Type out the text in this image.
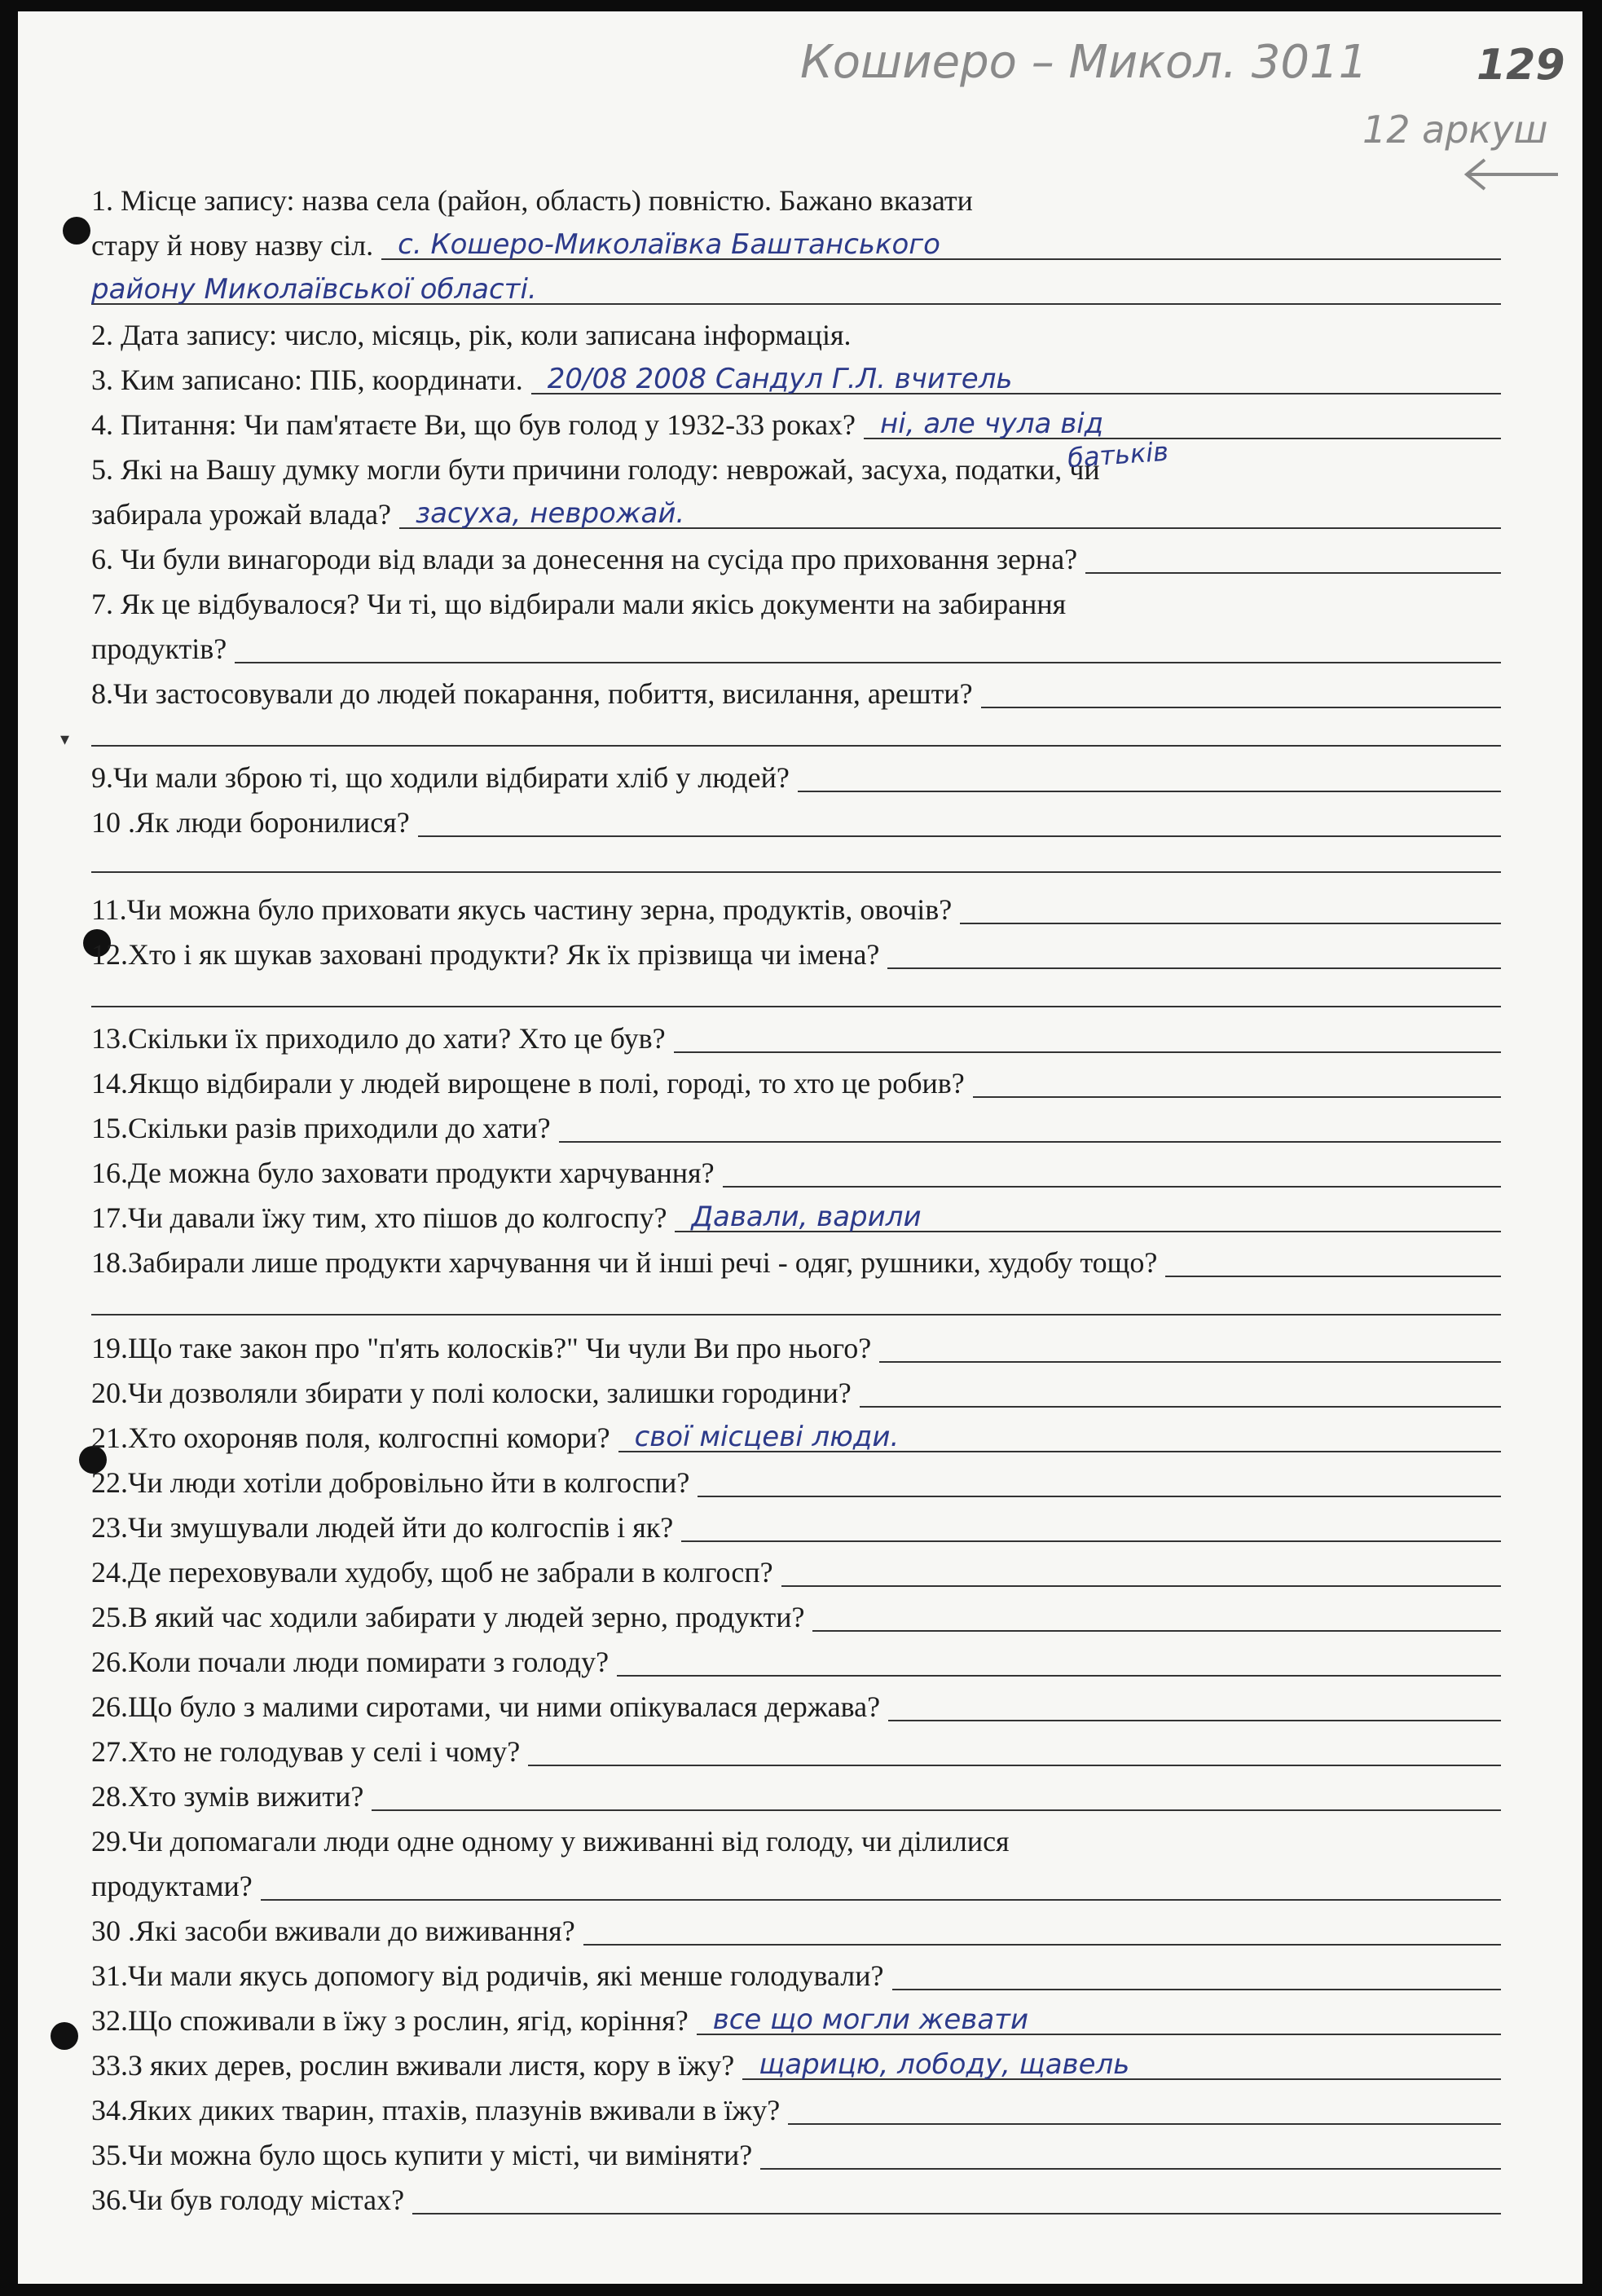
Кошиеро – Микол. 3011	129
12 аркуш
▾
1. Місце запису: назва села (район, область) повністю. Бажано вказати
стару й нову назву сіл. с. Кошеро-Миколаївка Баштанського
району Миколаївської області.
2. Дата запису: число, місяць, рік, коли записана інформація.
3. Ким записано: ПІБ, координати. 20/08 2008 Сандул Г.Л. вчитель
4. Питання: Чи пам'ятаєте Ви, що був голод у 1932-33 роках? ні, але чула від
5. Які на Вашу думку могли бути причини голоду: неврожай, засуха, податки, чи
батьків
забирала урожай влада? засуха, неврожай.
6. Чи були винагороди від влади за донесення на сусіда про приховання зерна?
7. Як це відбувалося? Чи ті, що відбирали мали якісь документи на забирання
продуктів?
8.Чи застосовували до людей покарання, побиття, висилання, арешти?
9.Чи мали зброю ті, що ходили відбирати хліб у людей?
10 .Як люди боронилися?
11.Чи можна було приховати якусь частину зерна, продуктів, овочів?
12.Хто і як шукав заховані продукти? Як їх прізвища чи імена?
13.Скільки їх приходило до хати? Хто це був?
14.Якщо відбирали у людей вирощене в полі, городі, то хто це робив?
15.Скільки разів приходили до хати?
16.Де можна було заховати продукти харчування?
17.Чи давали їжу тим, хто пішов до колгоспу? Давали, варили
18.Забирали лише продукти харчування чи й інші речі - одяг, рушники, худобу тощо?
19.Що таке закон про "п'ять колосків?" Чи чули Ви про нього?
20.Чи дозволяли збирати у полі колоски, залишки городини?
21.Хто охороняв поля, колгоспні комори? свої місцеві люди.
22.Чи люди хотіли добровільно йти в колгоспи?
23.Чи змушували людей йти до колгоспів і як?
24.Де переховували худобу, щоб не забрали в колгосп?
25.В який час ходили забирати у людей зерно, продукти?
26.Коли почали люди помирати з голоду?
26.Що було з малими сиротами, чи ними опікувалася держава?
27.Хто не голодував у селі і чому?
28.Хто зумів вижити?
29.Чи допомагали люди одне одному у виживанні від голоду, чи ділилися
продуктами?
30 .Які засоби вживали до виживання?
31.Чи мали якусь допомогу від родичів, які менше голодували?
32.Що споживали в їжу з рослин, ягід, коріння? все що могли жевати
33.З яких дерев, рослин вживали листя, кору в їжу? щарицю, лободу, щавель
34.Яких диких тварин, птахів, плазунів вживали в їжу?
35.Чи можна було щось купити у місті, чи виміняти?
36.Чи був голоду містах?
